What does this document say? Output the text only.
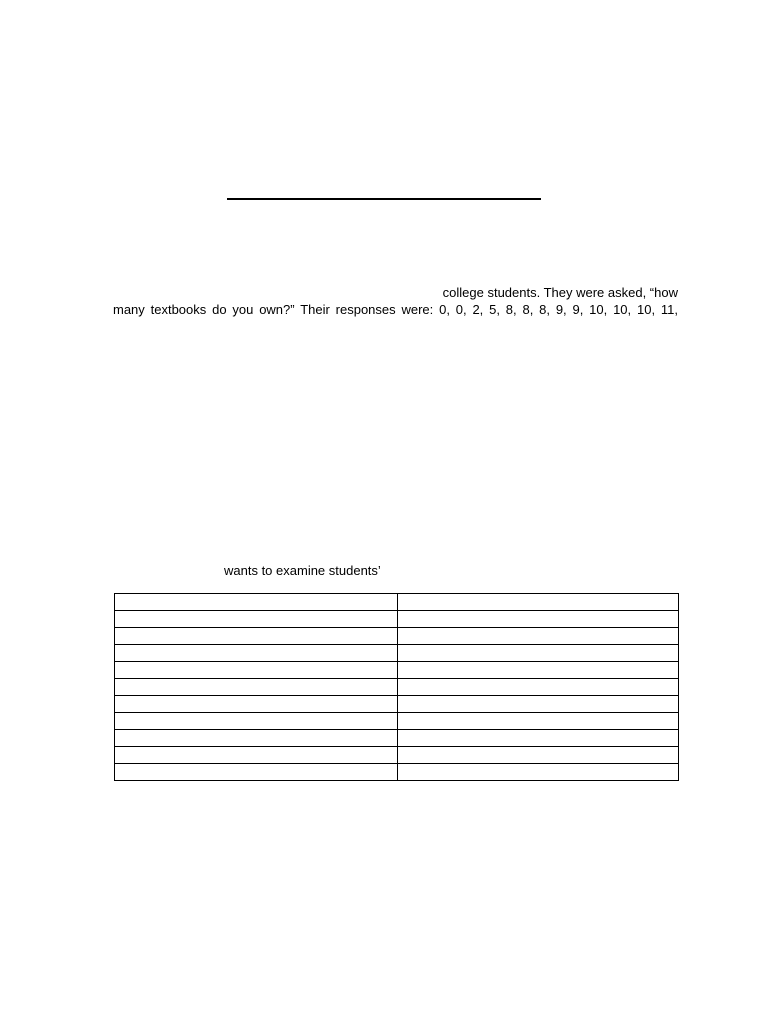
college students. They were asked, “how
many textbooks do you own?” Their responses were: 0, 0, 2, 5, 8, 8, 8, 9, 9, 10, 10, 10, 11,
wants to examine students’
